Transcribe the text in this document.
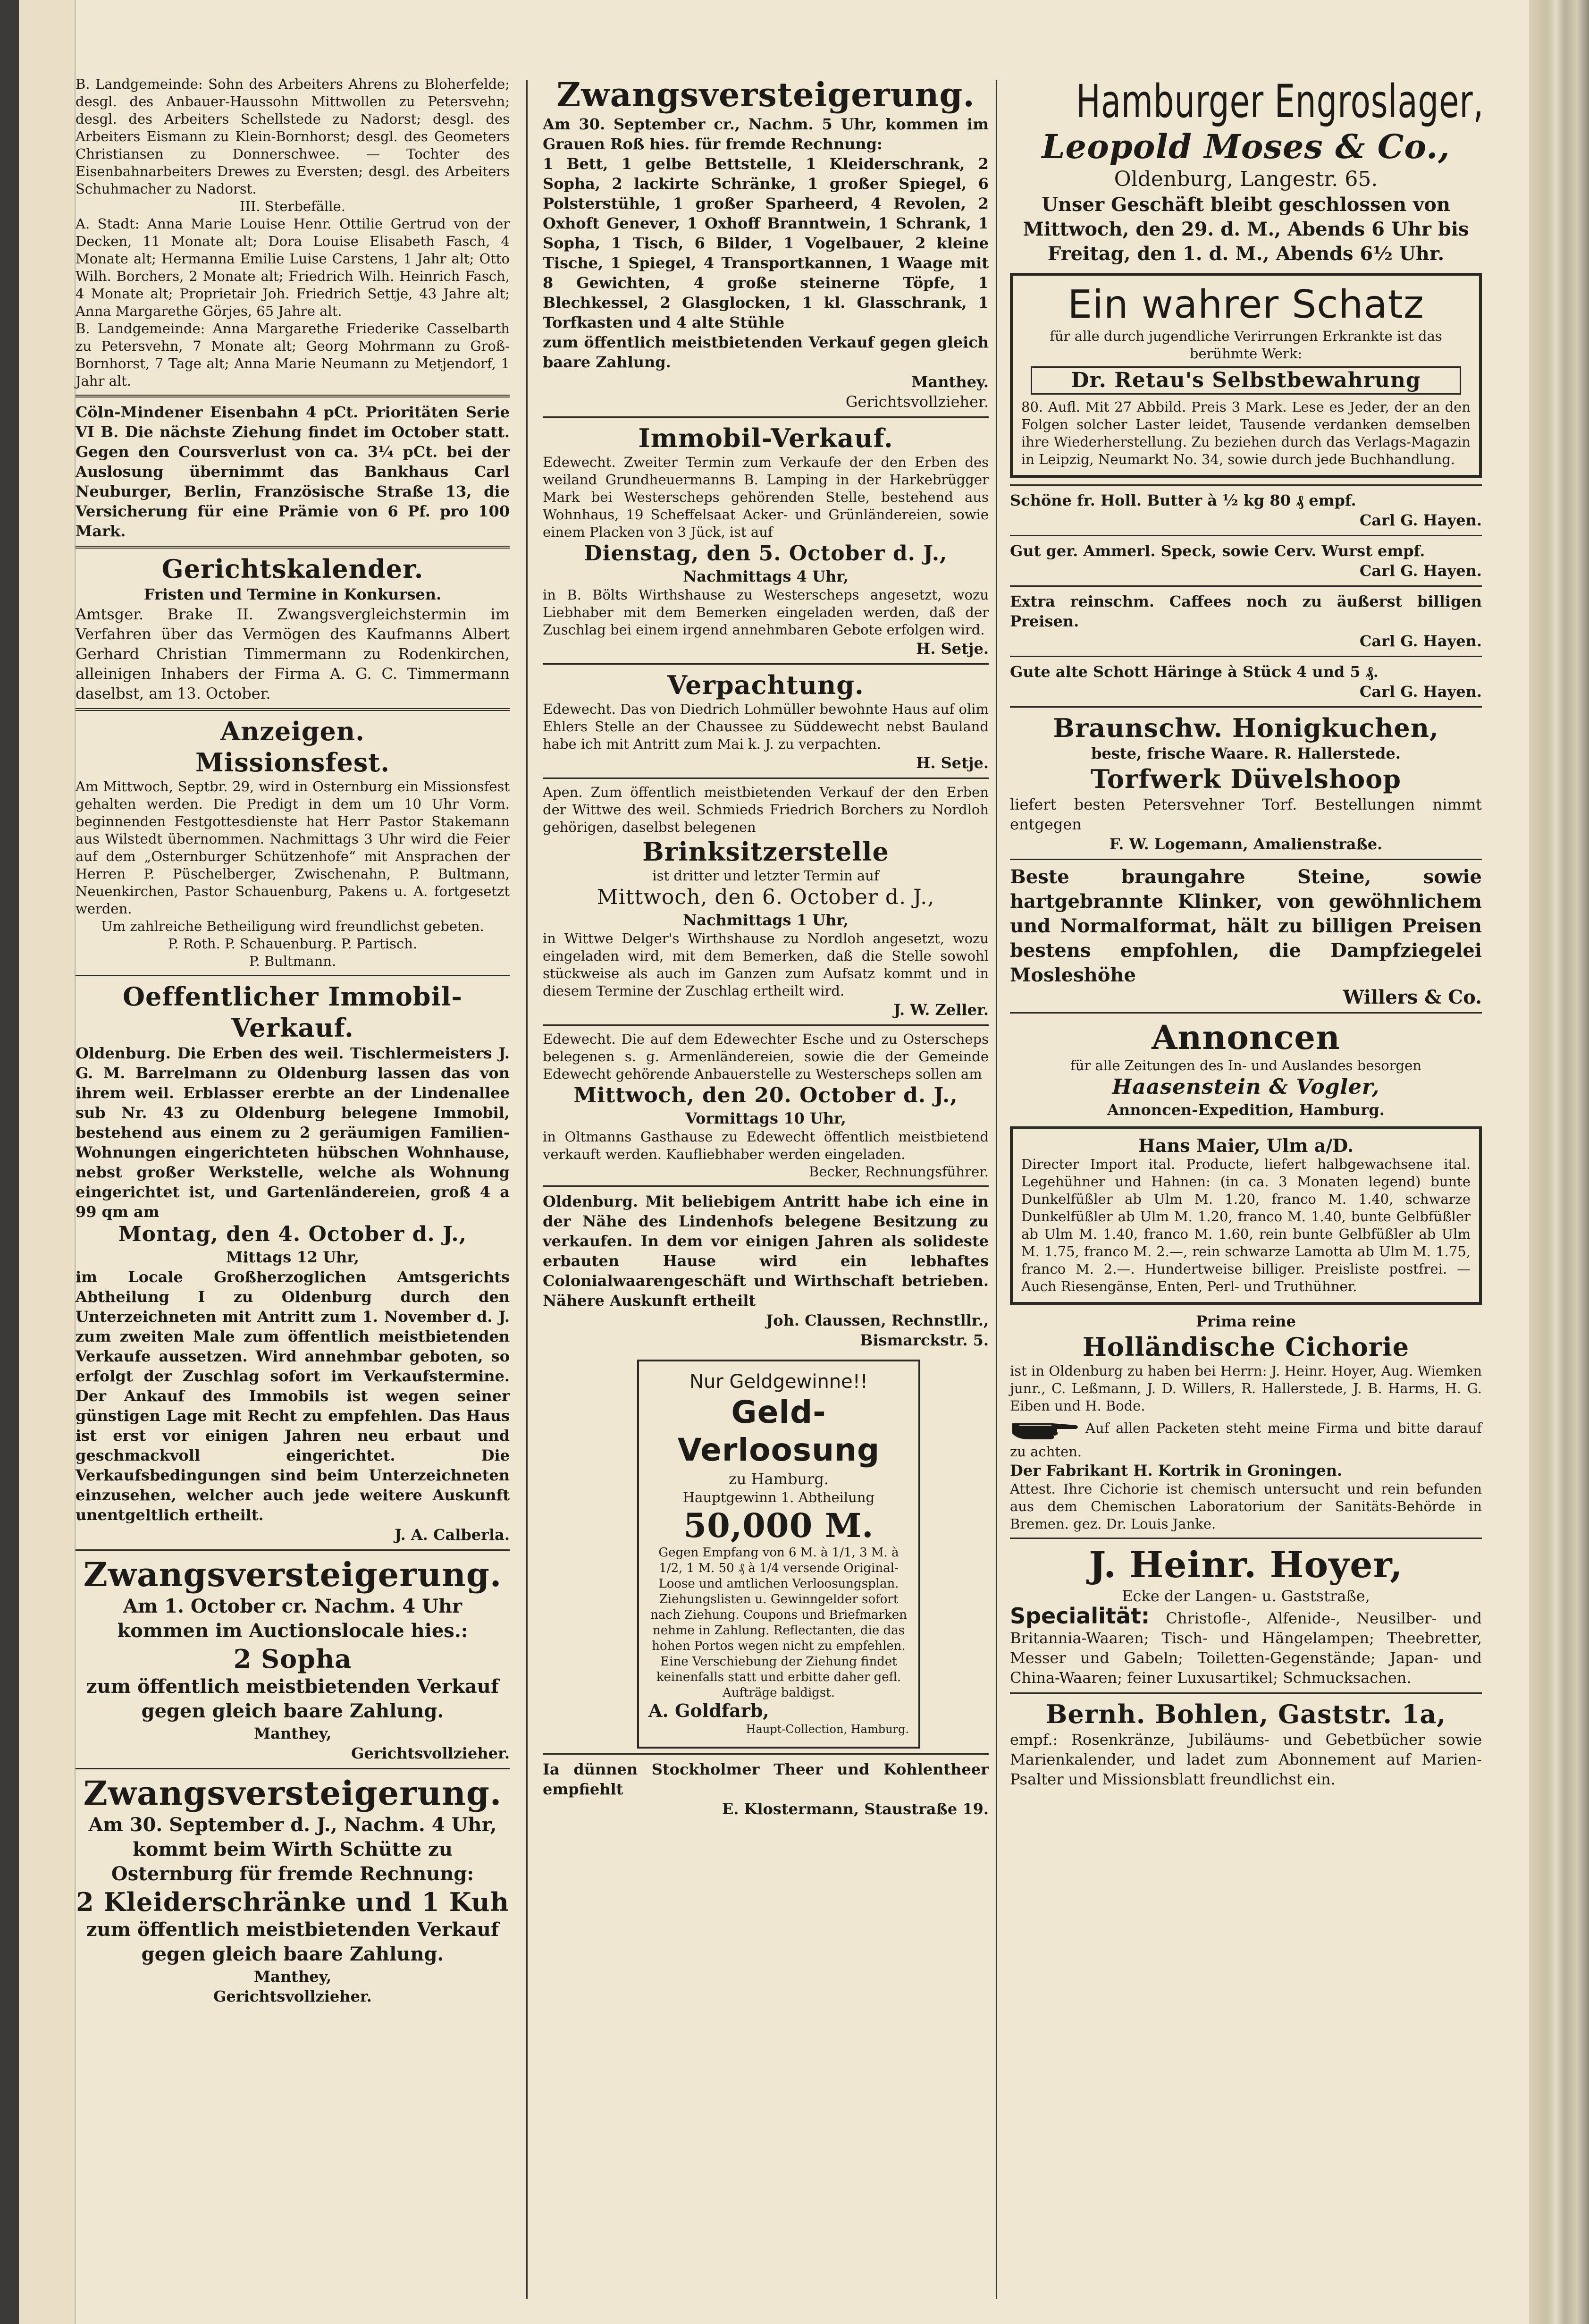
B. Landgemeinde: Sohn des Arbeiters Ahrens zu Bloherfelde; desgl. des Anbauer-Haussohn Mittwollen zu Petersvehn; desgl. des Arbeiters Schellstede zu Nadorst; desgl. des Arbeiters Eismann zu Klein-Bornhorst; desgl. des Geometers Christiansen zu Donnerschwee. — Tochter des Eisenbahnarbeiters Drewes zu Eversten; desgl. des Arbeiters Schuhmacher zu Nadorst.

III. Sterbefälle.

A. Stadt: Anna Marie Louise Henr. Ottilie Gertrud von der Decken, 11 Monate alt; Dora Louise Elisabeth Fasch, 4 Monate alt; Hermanna Emilie Luise Carstens, 1 Jahr alt; Otto Wilh. Borchers, 2 Monate alt; Friedrich Wilh. Heinrich Fasch, 4 Monate alt; Proprietair Joh. Friedrich Settje, 43 Jahre alt; Anna Margarethe Görjes, 65 Jahre alt.

B. Landgemeinde: Anna Margarethe Friederike Casselbarth zu Petersvehn, 7 Monate alt; Georg Mohrmann zu Groß-Bornhorst, 7 Tage alt; Anna Marie Neumann zu Metjendorf, 1 Jahr alt.

Cöln-Mindener Eisenbahn 4 pCt. Prioritäten Serie VI B. Die nächste Ziehung findet im October statt. Gegen den Coursverlust von ca. 3¼ pCt. bei der Auslosung übernimmt das Bankhaus Carl Neuburger, Berlin, Französische Straße 13, die Versicherung für eine Prämie von 6 Pf. pro 100 Mark.

Gerichtskalender.

Fristen und Termine in Konkursen.

Amtsger. Brake II. Zwangsvergleichstermin im Verfahren über das Vermögen des Kaufmanns Albert Gerhard Christian Timmermann zu Rodenkirchen, alleinigen Inhabers der Firma A. G. C. Timmermann daselbst, am 13. October.

Anzeigen.

Missionsfest.

Am Mittwoch, Septbr. 29, wird in Osternburg ein Missionsfest gehalten werden. Die Predigt in dem um 10 Uhr Vorm. beginnenden Festgottesdienste hat Herr Pastor Stakemann aus Wilstedt übernommen. Nachmittags 3 Uhr wird die Feier auf dem „Osternburger Schützenhofe“ mit Ansprachen der Herren P. Püschelberger, Zwischenahn, P. Bultmann, Neuenkirchen, Pastor Schauenburg, Pakens u. A. fortgesetzt werden.

Um zahlreiche Betheiligung wird freundlichst gebeten.

P. Roth. P. Schauenburg. P. Partisch.

P. Bultmann.

Oeffentlicher Immobil-Verkauf.

Oldenburg. Die Erben des weil. Tischlermeisters J. G. M. Barrelmann zu Oldenburg lassen das von ihrem weil. Erblasser ererbte an der Lindenallee sub Nr. 43 zu Oldenburg belegene Immobil, bestehend aus einem zu 2 geräumigen Familien-Wohnungen eingerichteten hübschen Wohnhause, nebst großer Werkstelle, welche als Wohnung eingerichtet ist, und Gartenländereien, groß 4 a 99 qm am

Montag, den 4. October d. J.,

Mittags 12 Uhr,

im Locale Großherzoglichen Amtsgerichts Abtheilung I zu Oldenburg durch den Unterzeichneten mit Antritt zum 1. November d. J. zum zweiten Male zum öffentlich meistbietenden Verkaufe aussetzen. Wird annehmbar geboten, so erfolgt der Zuschlag sofort im Verkaufstermine. Der Ankauf des Immobils ist wegen seiner günstigen Lage mit Recht zu empfehlen. Das Haus ist erst vor einigen Jahren neu erbaut und geschmackvoll eingerichtet. Die Verkaufsbedingungen sind beim Unterzeichneten einzusehen, welcher auch jede weitere Auskunft unentgeltlich ertheilt.

J. A. Calberla.

Zwangsversteigerung.

Am 1. October cr. Nachm. 4 Uhr kommen im Auctionslocale hies.:

2 Sopha

zum öffentlich meistbietenden Verkauf gegen gleich baare Zahlung.

Manthey,

Gerichtsvollzieher.

Zwangsversteigerung.

Am 30. September d. J., Nachm. 4 Uhr, kommt beim Wirth Schütte zu Osternburg für fremde Rechnung:

2 Kleiderschränke und 1 Kuh

zum öffentlich meistbietenden Verkauf gegen gleich baare Zahlung.

Manthey,

Gerichtsvollzieher.

Zwangsversteigerung.

Am 30. September cr., Nachm. 5 Uhr, kommen im Grauen Roß hies. für fremde Rechnung:

1 Bett, 1 gelbe Bettstelle, 1 Kleiderschrank, 2 Sopha, 2 lackirte Schränke, 1 großer Spiegel, 6 Polsterstühle, 1 großer Sparheerd, 4 Revolen, 2 Oxhoft Genever, 1 Oxhoff Branntwein, 1 Schrank, 1 Sopha, 1 Tisch, 6 Bilder, 1 Vogelbauer, 2 kleine Tische, 1 Spiegel, 4 Transportkannen, 1 Waage mit 8 Gewichten, 4 große steinerne Töpfe, 1 Blechkessel, 2 Glasglocken, 1 kl. Glasschrank, 1 Torfkasten und 4 alte Stühle

zum öffentlich meistbietenden Verkauf gegen gleich baare Zahlung.

Manthey.

Gerichtsvollzieher.

Immobil-Verkauf.

Edewecht. Zweiter Termin zum Verkaufe der den Erben des weiland Grundheuermanns B. Lamping in der Harkebrügger Mark bei Westerscheps gehörenden Stelle, bestehend aus Wohnhaus, 19 Scheffelsaat Acker- und Grünländereien, sowie einem Placken von 3 Jück, ist auf

Dienstag, den 5. October d. J.,

Nachmittags 4 Uhr,

in B. Bölts Wirthshause zu Westerscheps angesetzt, wozu Liebhaber mit dem Bemerken eingeladen werden, daß der Zuschlag bei einem irgend annehmbaren Gebote erfolgen wird.

H. Setje.

Verpachtung.

Edewecht. Das von Diedrich Lohmüller bewohnte Haus auf olim Ehlers Stelle an der Chaussee zu Süddewecht nebst Bauland habe ich mit Antritt zum Mai k. J. zu verpachten.

H. Setje.

Apen. Zum öffentlich meistbietenden Verkauf der den Erben der Wittwe des weil. Schmieds Friedrich Borchers zu Nordloh gehörigen, daselbst belegenen

Brinksitzerstelle

ist dritter und letzter Termin auf

Mittwoch, den 6. October d. J.,

Nachmittags 1 Uhr,

in Wittwe Delger's Wirthshause zu Nordloh angesetzt, wozu eingeladen wird, mit dem Bemerken, daß die Stelle sowohl stückweise als auch im Ganzen zum Aufsatz kommt und in diesem Termine der Zuschlag ertheilt wird.

J. W. Zeller.

Edewecht. Die auf dem Edewechter Esche und zu Osterscheps belegenen s. g. Armenländereien, sowie die der Gemeinde Edewecht gehörende Anbauerstelle zu Westerscheps sollen am

Mittwoch, den 20. October d. J.,

Vormittags 10 Uhr,

in Oltmanns Gasthause zu Edewecht öffentlich meistbietend verkauft werden. Kaufliebhaber werden eingeladen.

Becker, Rechnungsführer.

Oldenburg. Mit beliebigem Antritt habe ich eine in der Nähe des Lindenhofs belegene Besitzung zu verkaufen. In dem vor einigen Jahren als solideste erbauten Hause wird ein lebhaftes Colonialwaarengeschäft und Wirthschaft betrieben. Nähere Auskunft ertheilt

Joh. Claussen, Rechnstllr.,

Bismarckstr. 5.

Nur Geldgewinne!!

Geld-Verloosung

zu Hamburg.

Hauptgewinn 1. Abtheilung

50,000 M.

Gegen Empfang von 6 M. à 1/1, 3 M. à 1/2, 1 M. 50 ₰ à 1/4 versende Original-Loose und amtlichen Verloosungsplan. Ziehungslisten u. Gewinngelder sofort nach Ziehung. Coupons und Briefmarken nehme in Zahlung. Reflectanten, die das hohen Portos wegen nicht zu empfehlen. Eine Verschiebung der Ziehung findet keinenfalls statt und erbitte daher gefl. Aufträge baldigst.

A. Goldfarb,

Haupt-Collection, Hamburg.

Ia dünnen Stockholmer Theer und Kohlentheer empfiehlt

E. Klostermann, Staustraße 19.

Hamburger Engroslager,

Leopold Moses & Co.,

Oldenburg, Langestr. 65.

Unser Geschäft bleibt geschlossen von Mittwoch, den 29. d. M., Abends 6 Uhr bis Freitag, den 1. d. M., Abends 6½ Uhr.

Ein wahrer Schatz

für alle durch jugendliche Verirrungen Erkrankte ist das berühmte Werk:

Dr. Retau's Selbstbewahrung

80. Aufl. Mit 27 Abbild. Preis 3 Mark. Lese es Jeder, der an den Folgen solcher Laster leidet, Tausende verdanken demselben ihre Wiederherstellung. Zu beziehen durch das Verlags-Magazin in Leipzig, Neumarkt No. 34, sowie durch jede Buchhandlung.

Schöne fr. Holl. Butter à ½ kg 80 ₰ empf.

Carl G. Hayen.

Gut ger. Ammerl. Speck, sowie Cerv. Wurst empf.

Carl G. Hayen.

Extra reinschm. Caffees noch zu äußerst billigen Preisen.

Carl G. Hayen.

Gute alte Schott Häringe à Stück 4 und 5 ₰.

Carl G. Hayen.

Braunschw. Honigkuchen,

beste, frische Waare. R. Hallerstede.

Torfwerk Düvelshoop

liefert besten Petersvehner Torf. Bestellungen nimmt entgegen

F. W. Logemann, Amalienstraße.

Beste braungahre Steine, sowie hartgebrannte Klinker, von gewöhnlichem und Normalformat, hält zu billigen Preisen bestens empfohlen, die Dampfziegelei Mosleshöhe

Willers & Co.

Annoncen

für alle Zeitungen des In- und Auslandes besorgen

Haasenstein & Vogler,

Annoncen-Expedition, Hamburg.

Hans Maier, Ulm a/D.

Directer Import ital. Producte, liefert halbgewachsene ital. Legehühner und Hahnen: (in ca. 3 Monaten legend) bunte Dunkelfüßler ab Ulm M. 1.20, franco M. 1.40, schwarze Dunkelfüßler ab Ulm M. 1.20, franco M. 1.40, bunte Gelbfüßler ab Ulm M. 1.40, franco M. 1.60, rein bunte Gelbfüßler ab Ulm M. 1.75, franco M. 2.—, rein schwarze Lamotta ab Ulm M. 1.75, franco M. 2.—. Hundertweise billiger. Preisliste postfrei. — Auch Riesengänse, Enten, Perl- und Truthühner.

Prima reine

Holländische Cichorie

ist in Oldenburg zu haben bei Herrn: J. Heinr. Hoyer, Aug. Wiemken junr., C. Leßmann, J. D. Willers, R. Hallerstede, J. B. Harms, H. G. Eiben und H. Bode.

Auf allen Packeten steht meine Firma und bitte darauf zu achten.

Der Fabrikant H. Kortrik in Groningen.

Attest. Ihre Cichorie ist chemisch untersucht und rein befunden aus dem Chemischen Laboratorium der Sanitäts-Behörde in Bremen. gez. Dr. Louis Janke.

J. Heinr. Hoyer,

Ecke der Langen- u. Gaststraße,

Specialität: Christofle-, Alfenide-, Neusilber- und Britannia-Waaren; Tisch- und Hängelampen; Theebretter, Messer und Gabeln; Toiletten-Gegenstände; Japan- und China-Waaren; feiner Luxusartikel; Schmucksachen.

Bernh. Bohlen, Gaststr. 1a,

empf.: Rosenkränze, Jubiläums- und Gebetbücher sowie Marienkalender, und ladet zum Abonnement auf Marien-Psalter und Missionsblatt freundlichst ein.
